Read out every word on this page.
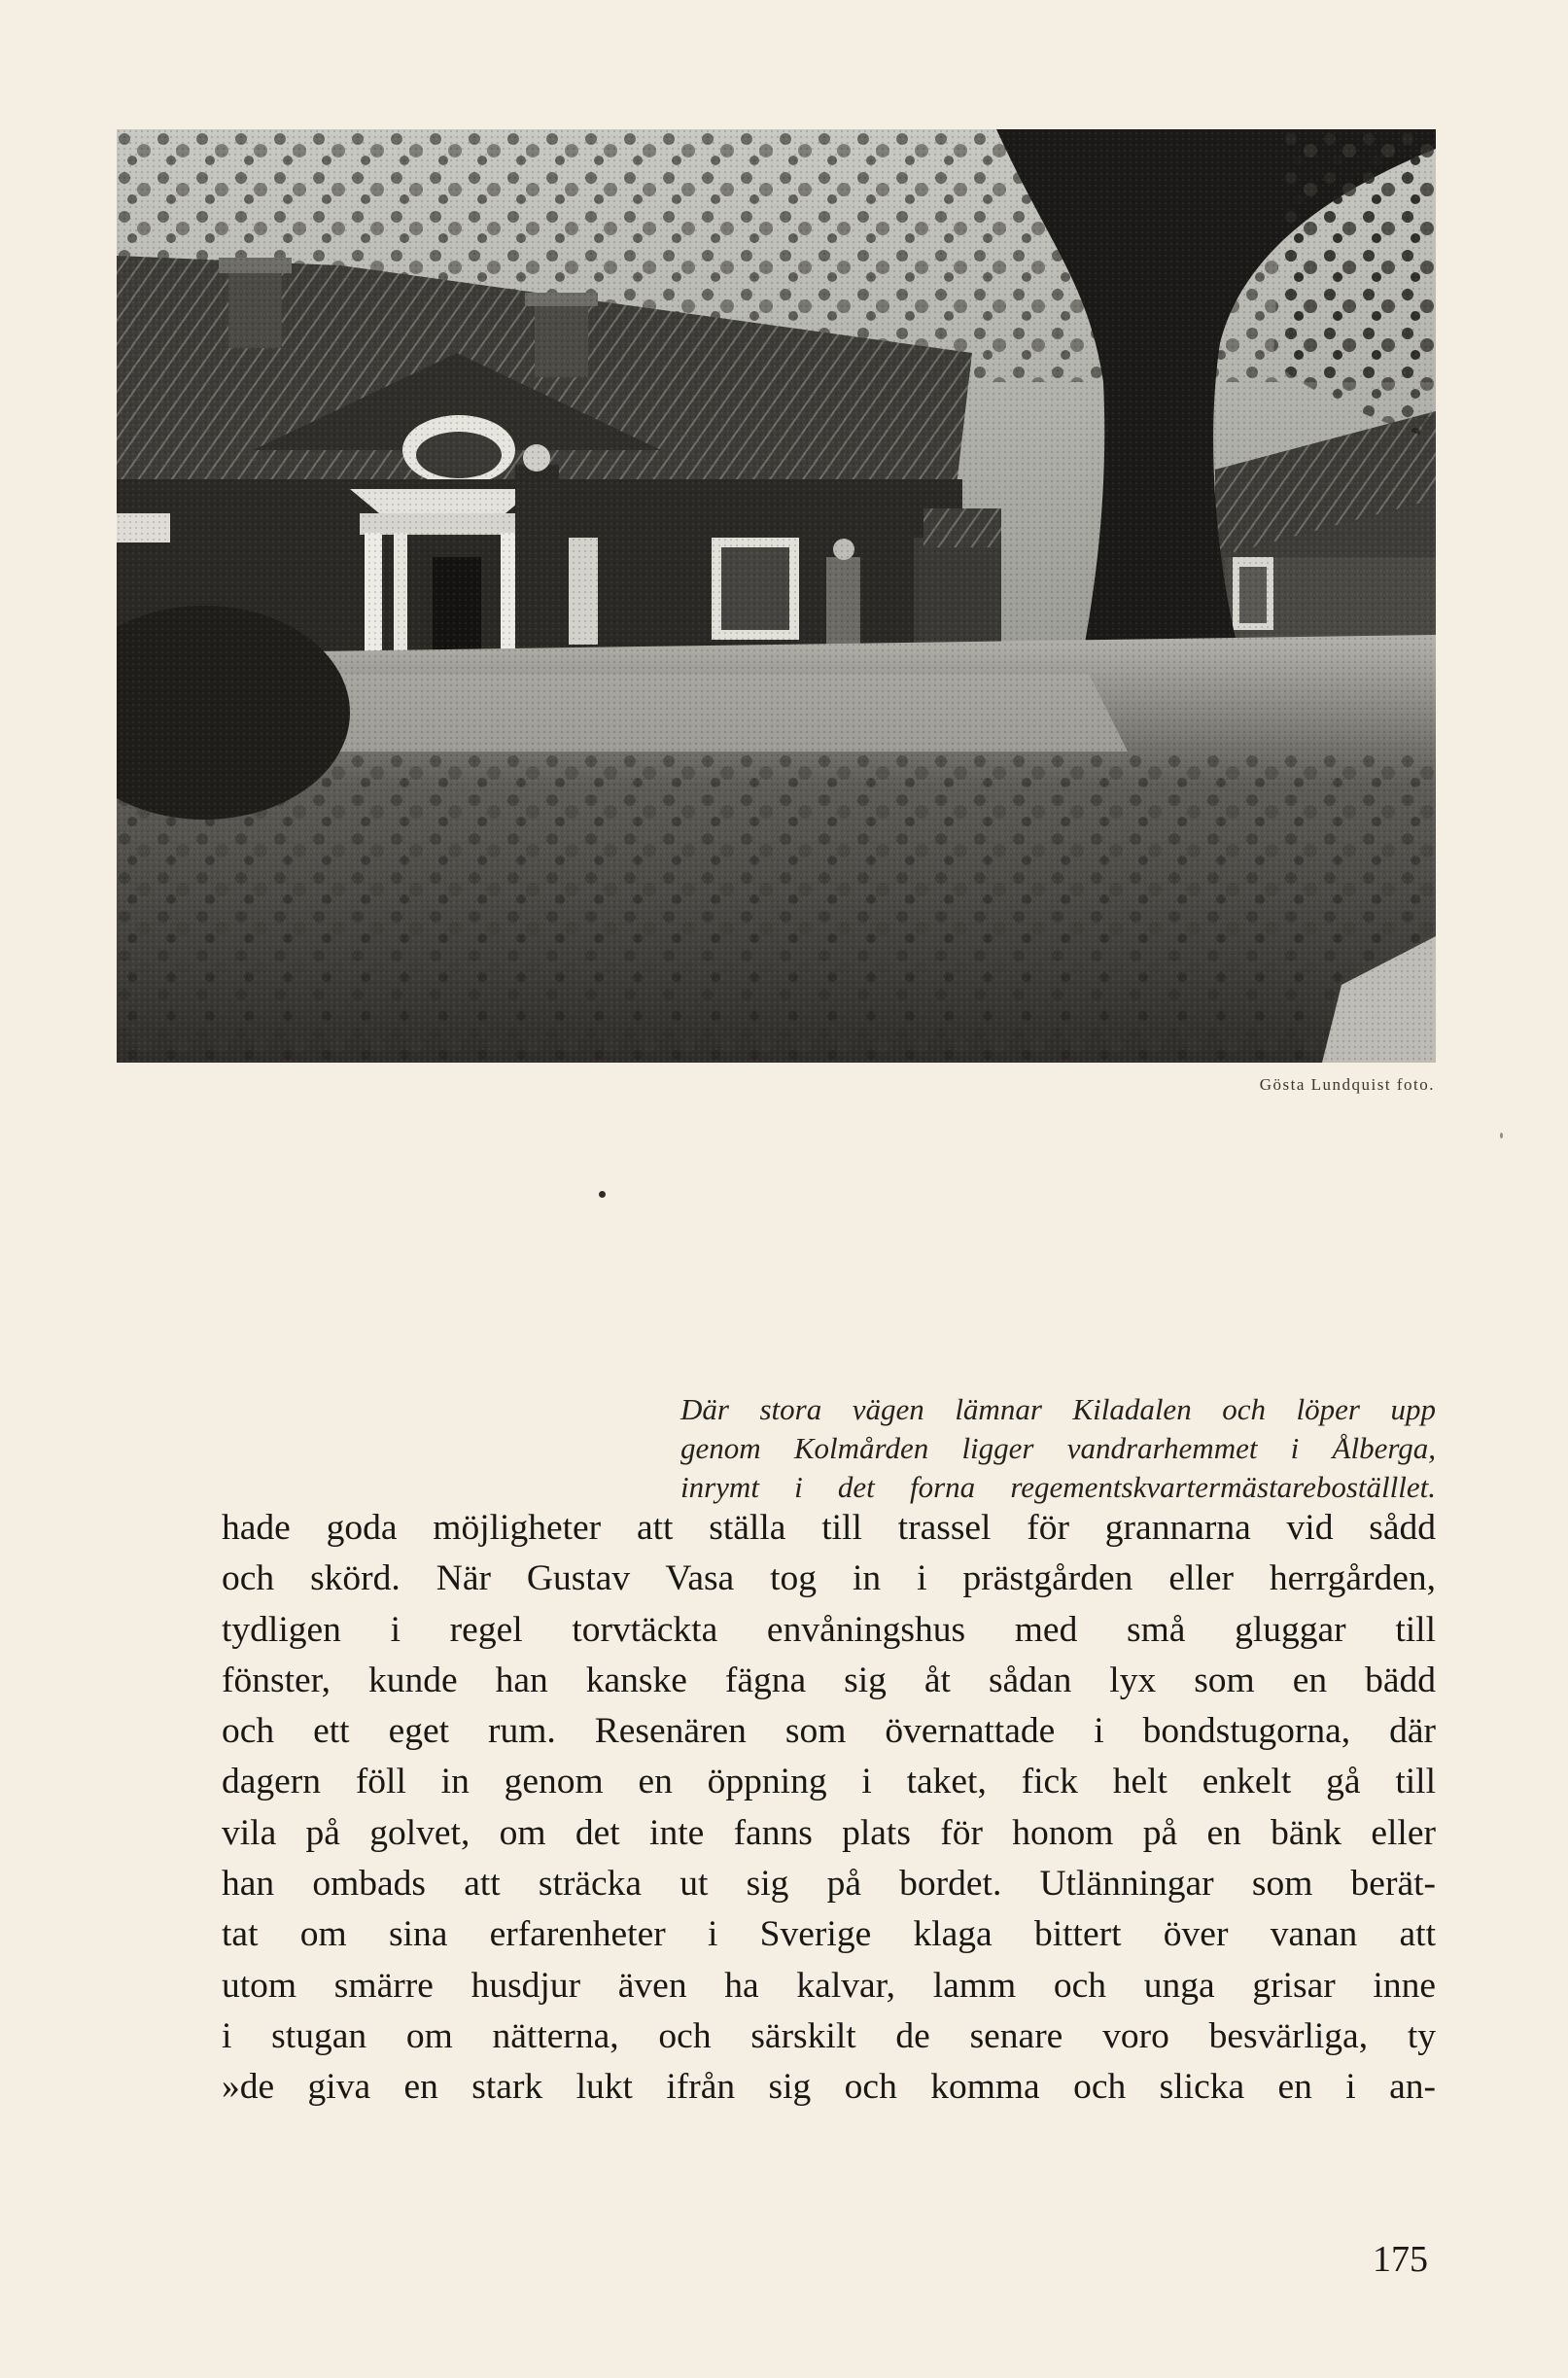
Gösta Lundquist foto.
Där stora vägen lämnar Kiladalen och löper upp
genom Kolmården ligger vandrarhemmet i Ålberga,
inrymt i det forna regementskvartermästareboställlet.
hade goda möjligheter att ställa till trassel för grannarna vid sådd
och skörd. När Gustav Vasa tog in i prästgården eller herrgården,
tydligen i regel torvtäckta envåningshus med små gluggar till
fönster, kunde han kanske fägna sig åt sådan lyx som en bädd
och ett eget rum. Resenären som övernattade i bondstugorna, där
dagern föll in genom en öppning i taket, fick helt enkelt gå till
vila på golvet, om det inte fanns plats för honom på en bänk eller
han ombads att sträcka ut sig på bordet. Utlänningar som berät-
tat om sina erfarenheter i Sverige klaga bittert över vanan att
utom smärre husdjur även ha kalvar, lamm och unga grisar inne
i stugan om nätterna, och särskilt de senare voro besvärliga, ty
»de giva en stark lukt ifrån sig och komma och slicka en i an-
175
